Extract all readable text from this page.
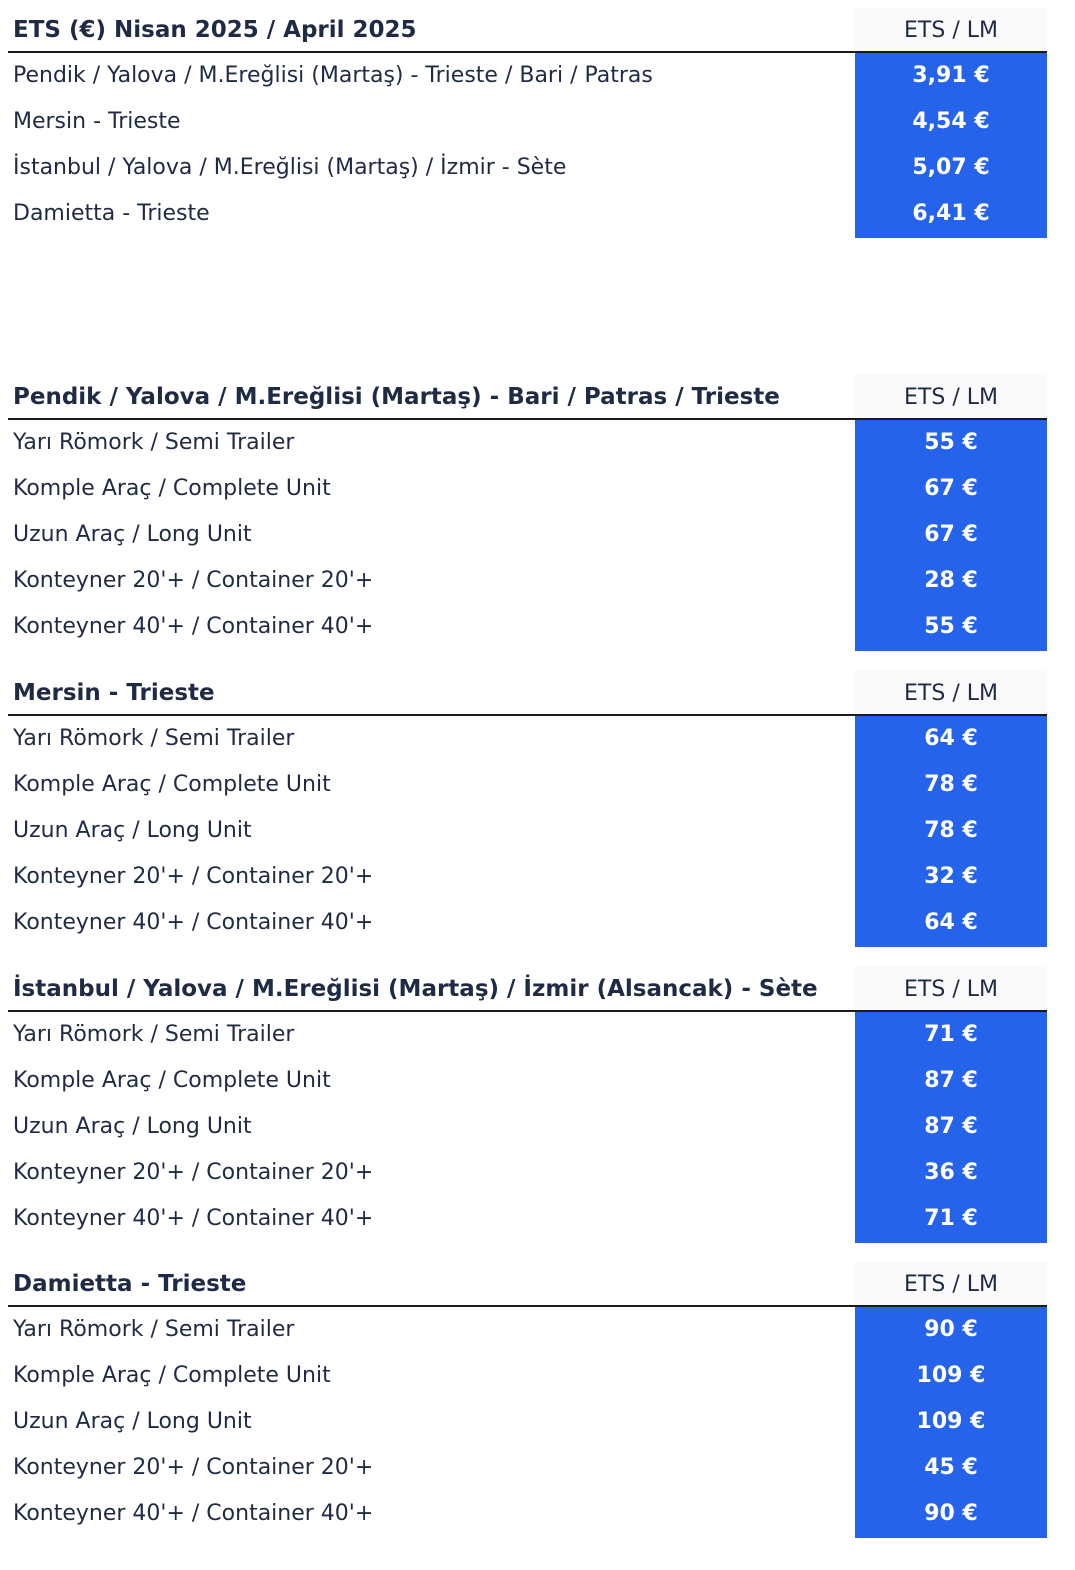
ETS (€) Nisan 2025 / April 2025	ETS / LM
Pendik / Yalova / M.Ereğlisi (Martaş) - Trieste / Bari / Patras	3,91 €
Mersin - Trieste	4,54 €
İstanbul / Yalova / M.Ereğlisi (Martaş) / İzmir - Sète	5,07 €
Damietta - Trieste	6,41 €
Pendik / Yalova / M.Ereğlisi (Martaş) - Bari / Patras / Trieste	ETS / LM
Yarı Römork / Semi Trailer	55 €
Komple Araç / Complete Unit	67 €
Uzun Araç / Long Unit	67 €
Konteyner 20'+ / Container 20'+	28 €
Konteyner 40'+ / Container 40'+	55 €
Mersin - Trieste	ETS / LM
Yarı Römork / Semi Trailer	64 €
Komple Araç / Complete Unit	78 €
Uzun Araç / Long Unit	78 €
Konteyner 20'+ / Container 20'+	32 €
Konteyner 40'+ / Container 40'+	64 €
İstanbul / Yalova / M.Ereğlisi (Martaş) / İzmir (Alsancak) - Sète	ETS / LM
Yarı Römork / Semi Trailer	71 €
Komple Araç / Complete Unit	87 €
Uzun Araç / Long Unit	87 €
Konteyner 20'+ / Container 20'+	36 €
Konteyner 40'+ / Container 40'+	71 €
Damietta - Trieste	ETS / LM
Yarı Römork / Semi Trailer	90 €
Komple Araç / Complete Unit	109 €
Uzun Araç / Long Unit	109 €
Konteyner 20'+ / Container 20'+	45 €
Konteyner 40'+ / Container 40'+	90 €
